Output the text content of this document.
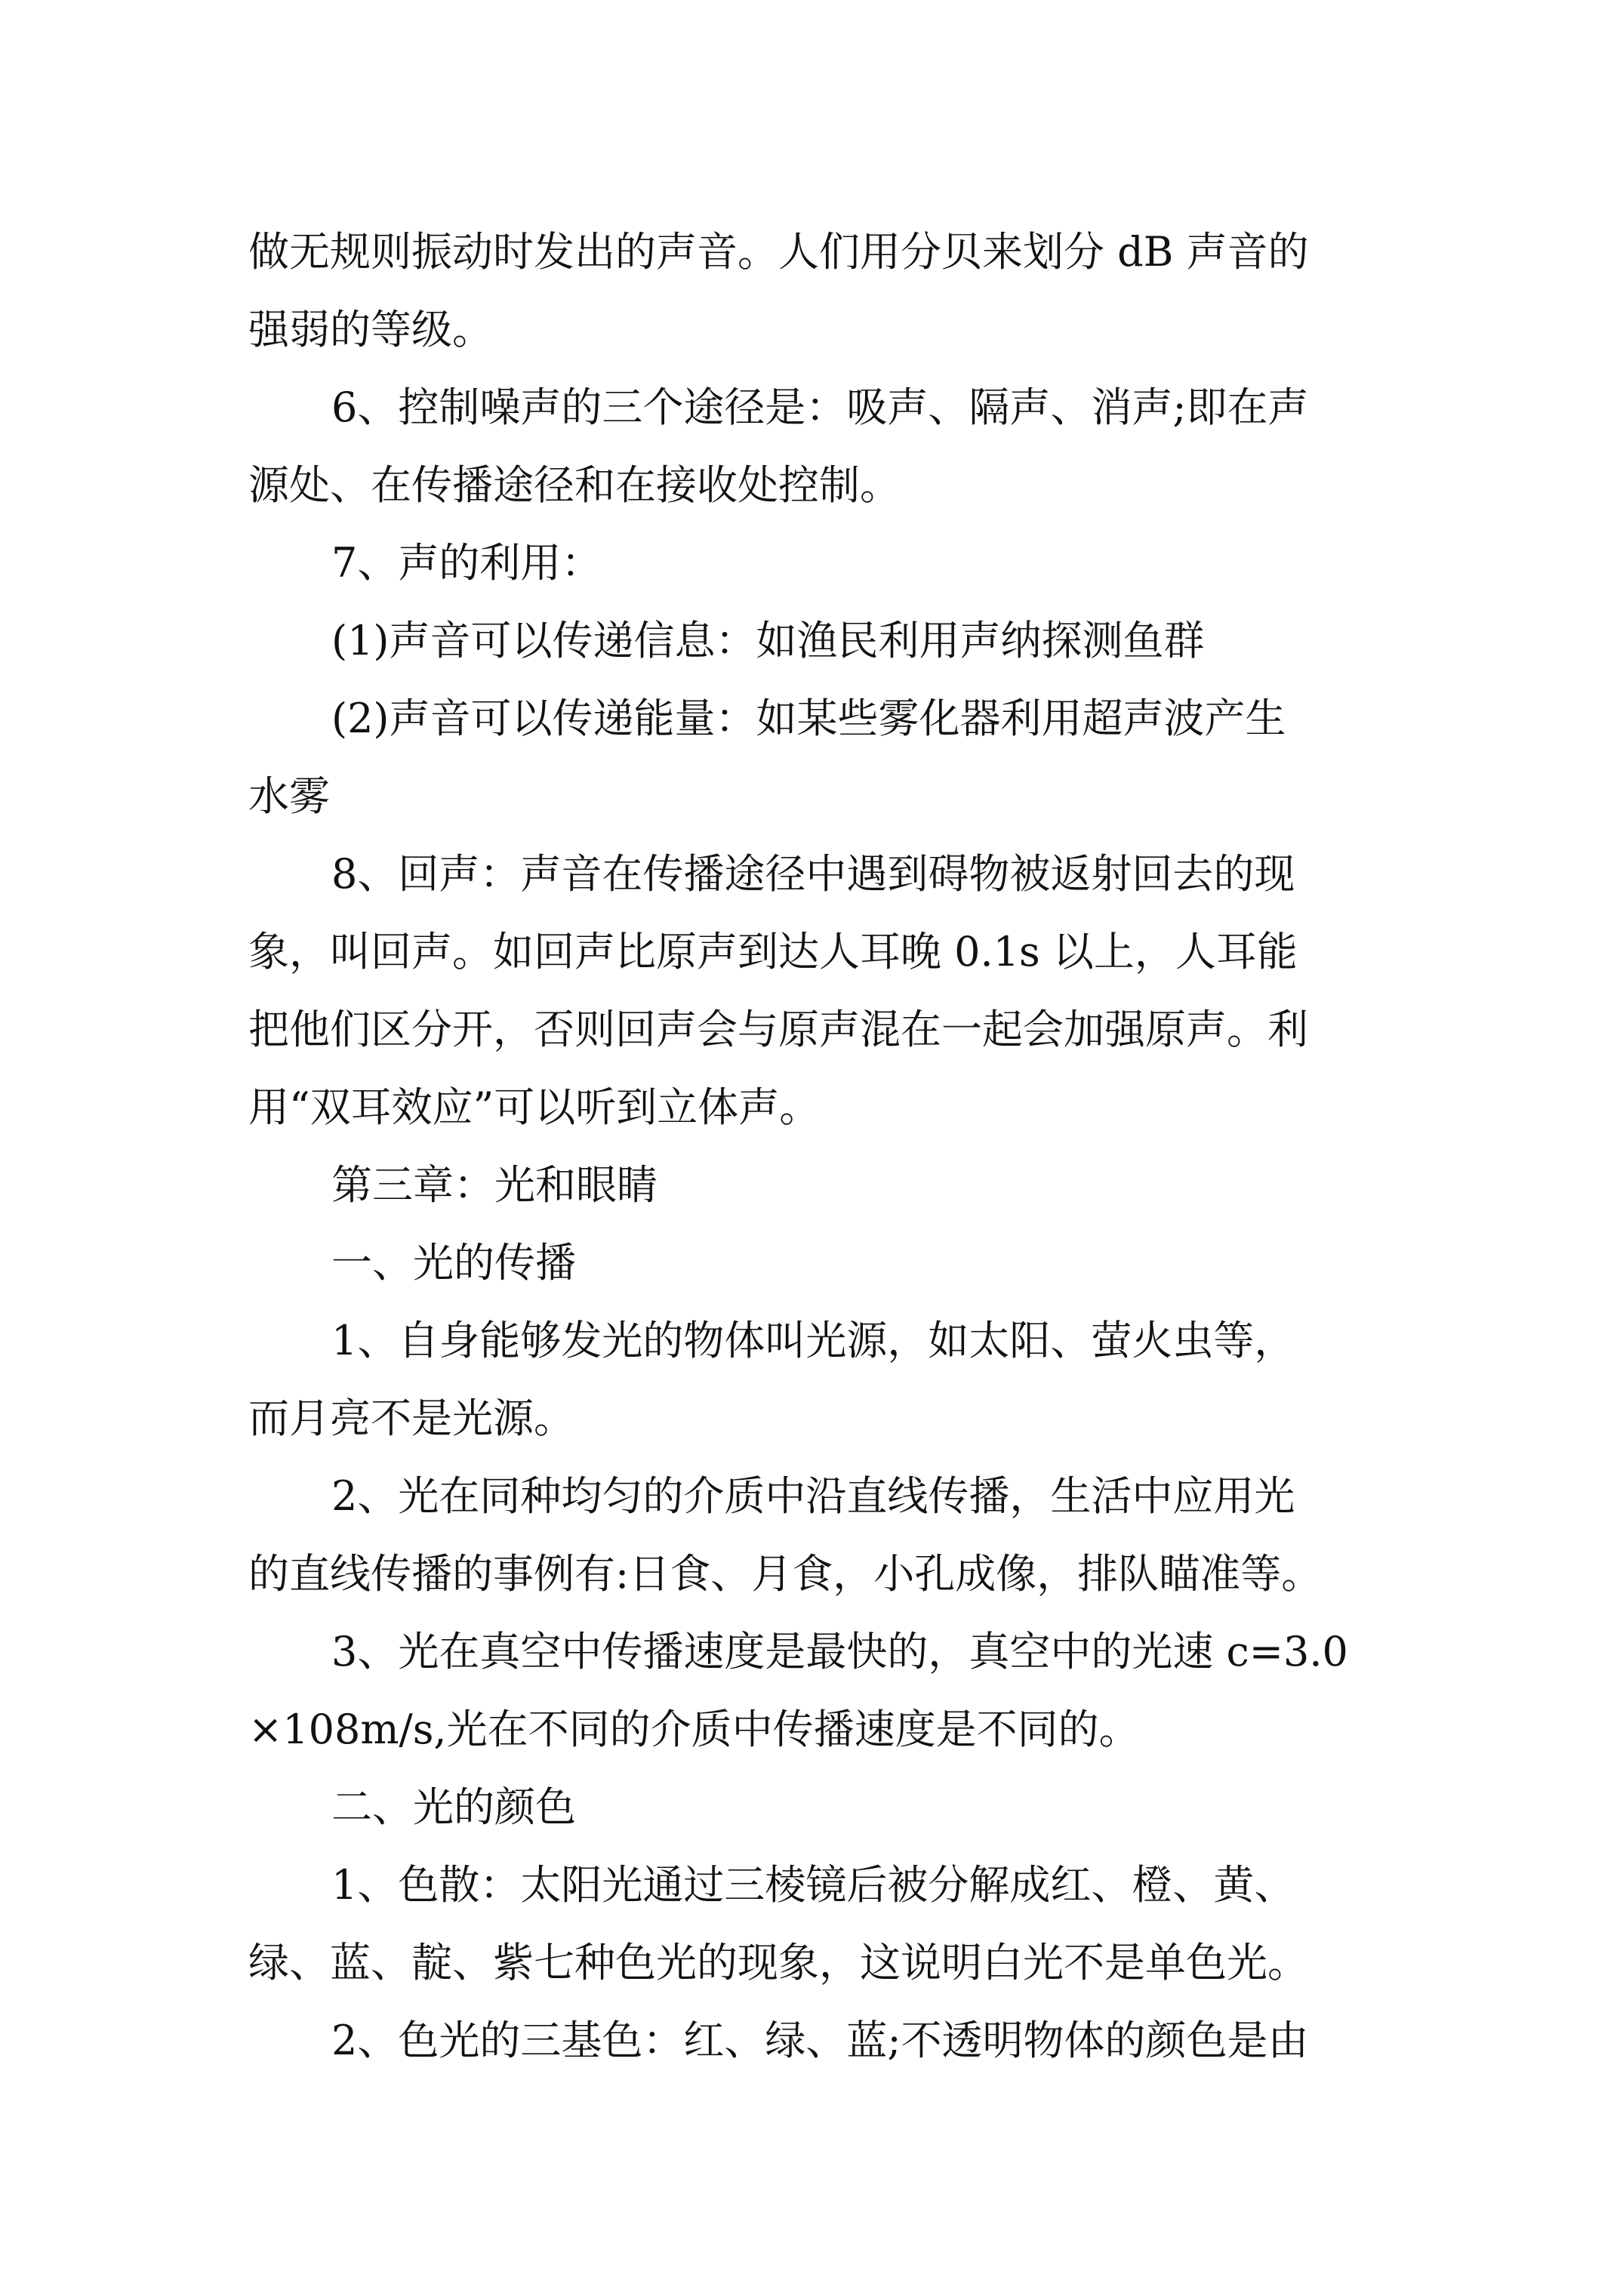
做无规则振动时发出的声音。人们用分贝来划分 dB 声音的
强弱的等级。
6、控制噪声的三个途径是：吸声、隔声、消声;即在声
源处、在传播途径和在接收处控制。
7、声的利用：
(1)声音可以传递信息：如渔民利用声纳探测鱼群
(2)声音可以传递能量：如某些雾化器利用超声波产生
水雾
8、回声：声音在传播途径中遇到碍物被返射回去的现
象，叫回声。如回声比原声到达人耳晚 0.1s 以上，人耳能
把他们区分开，否则回声会与原声混在一起会加强原声。利
用“双耳效应”可以听到立体声。
第三章：光和眼睛
一、光的传播
1、自身能够发光的物体叫光源，如太阳、萤火虫等，
而月亮不是光源。
2、光在同种均匀的介质中沿直线传播，生活中应用光
的直线传播的事例有:日食、月食，小孔成像，排队瞄准等。
3、光在真空中传播速度是最快的，真空中的光速 c=3.0
×108m/s,光在不同的介质中传播速度是不同的。
二、光的颜色
1、色散：太阳光通过三棱镜后被分解成红、橙、黄、
绿、蓝、靛、紫七种色光的现象，这说明白光不是单色光。
2、色光的三基色：红、绿、蓝;不透明物体的颜色是由
